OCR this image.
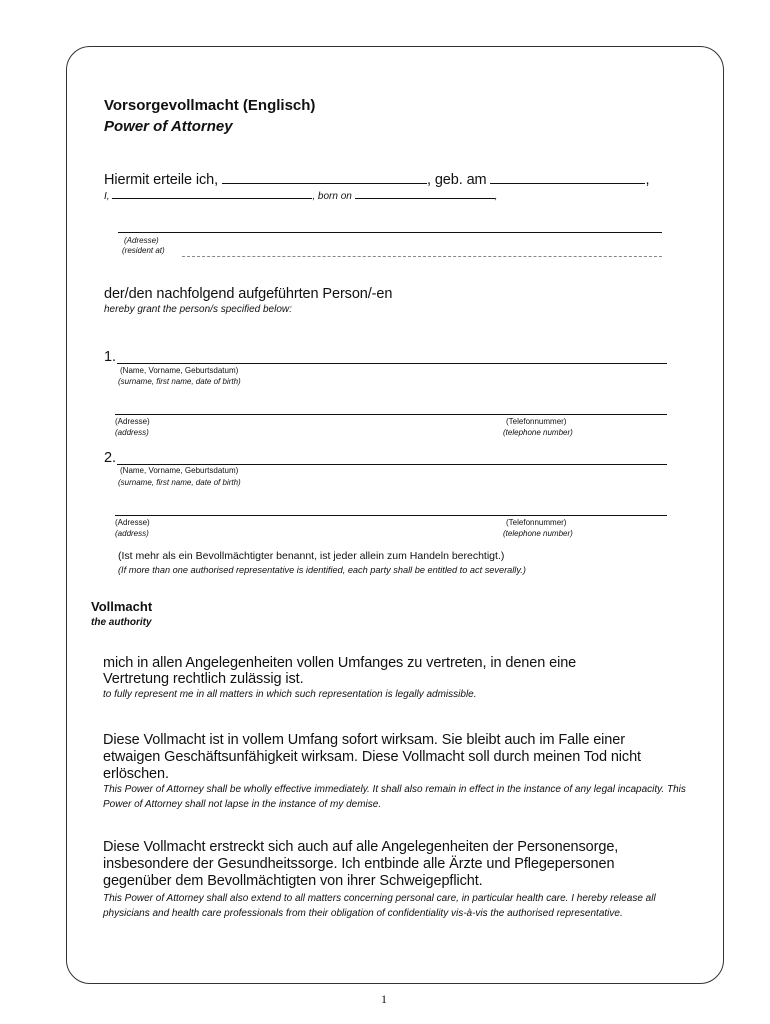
Vorsorgevollmacht (Englisch)
Power of Attorney
Hiermit erteile ich,	, geb. am	,
I,	, born on	,
(Adresse)
(resident at)
der/den nachfolgend aufgeführten Person/-en
hereby grant the person/s specified below:
1.
(Name, Vorname, Geburtsdatum)
(surname, first name, date of birth)
(Adresse)
(address)
(Telefonnummer)
(telephone number)
2.
(Name, Vorname, Geburtsdatum)
(surname, first name, date of birth)
(Adresse)
(address)
(Telefonnummer)
(telephone number)
(Ist mehr als ein Bevollmächtigter benannt, ist jeder allein zum Handeln berechtigt.)
(If more than one authorised representative is identified, each party shall be entitled to act severally.)
Vollmacht
the authority
mich in allen Angelegenheiten vollen Umfanges zu vertreten, in denen eine Vertretung rechtlich zulässig ist.
to fully represent me in all matters in which such representation is legally admissible.
Diese Vollmacht ist in vollem Umfang sofort wirksam. Sie bleibt auch im Falle einer etwaigen Geschäftsunfähigkeit wirksam. Diese Vollmacht soll durch meinen Tod nicht erlöschen.
This Power of Attorney shall be wholly effective immediately. It shall also remain in effect in the instance of any legal incapacity. This Power of Attorney shall not lapse in the instance of my demise.
Diese Vollmacht erstreckt sich auch auf alle Angelegenheiten der Personensorge, insbesondere der Gesundheitssorge. Ich entbinde alle Ärzte und Pflegepersonen gegenüber dem Bevollmächtigten von ihrer Schweigepflicht.
This Power of Attorney shall also extend to all matters concerning personal care, in particular health care. I hereby release all physicians and health care professionals from their obligation of confidentiality vis-à-vis the authorised representative.
1
